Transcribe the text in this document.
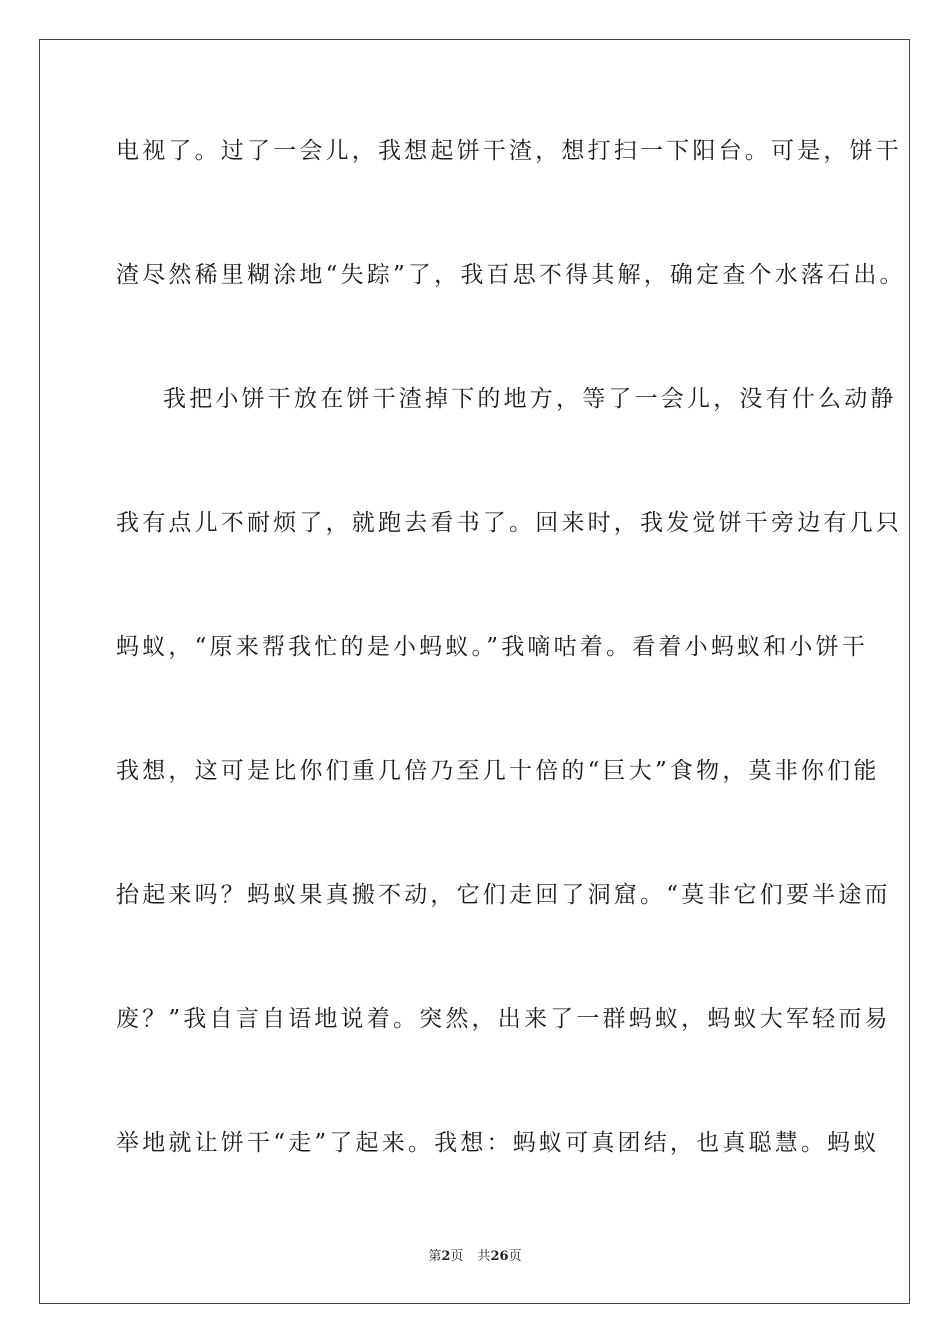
电视了。过了一会儿，我想起饼干渣，想打扫一下阳台。可是，饼干
渣尽然稀里糊涂地“失踪”了，我百思不得其解，确定查个水落石出。
我把小饼干放在饼干渣掉下的地方，等了一会儿，没有什么动静
我有点儿不耐烦了，就跑去看书了。回来时，我发觉饼干旁边有几只
蚂蚁，“原来帮我忙的是小蚂蚁。”我嘀咕着。看着小蚂蚁和小饼干
我想，这可是比你们重几倍乃至几十倍的“巨大”食物，莫非你们能
抬起来吗？蚂蚁果真搬不动，它们走回了洞窟。“莫非它们要半途而
废？”我自言自语地说着。突然，出来了一群蚂蚁，蚂蚁大军轻而易
举地就让饼干“走”了起来。我想：蚂蚁可真团结，也真聪慧。蚂蚁
第2页 共26页
